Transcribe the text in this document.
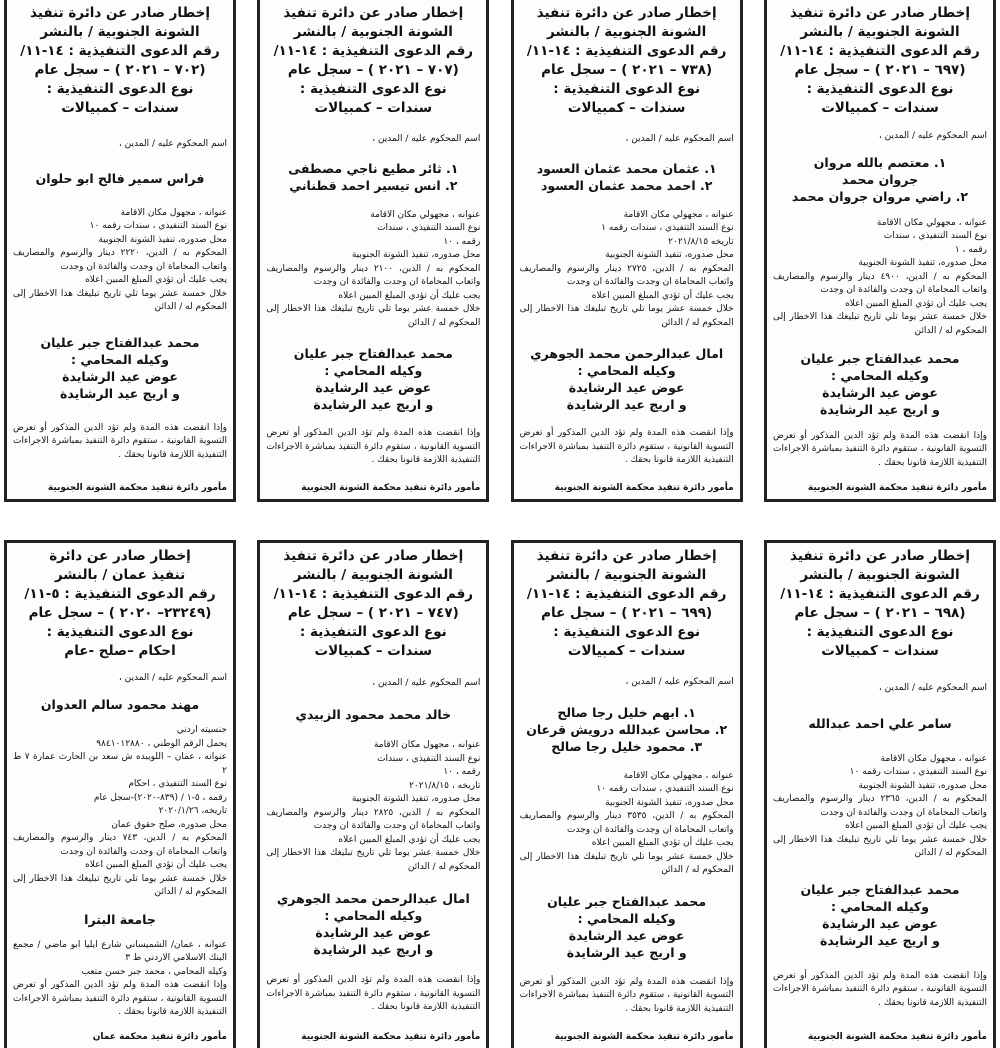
إخطار صادر عن دائرة تنفيذ
الشونة الجنوبية / بالنشر
رقم الدعوى التنفيذية : ١٤-١١/
(٦٩٧ – ٢٠٢١ ) – سجل عام
نوع الدعوى التنفيذية :
سندات – كمبيالات
اسم المحكوم عليه / المدين ،
١. معتصم بالله مروان
جروان محمد
٢. راضي مروان جروان محمد
عنوانه ، مجهولي مكان الاقامة
نوع السند التنفيذي ، سندات
رقمه ، ١
محل صدوره، تنفيذ الشونة الجنوبية
المحكوم به / الدين، ٤٩٠٠ دينار والرسوم والمصاريف واتعاب المحاماة ان وجدت والفائدة ان وجدت
يجب عليك أن تؤدي المبلغ المبين اعلاه
خلال خمسة عشر يوما تلي تاريخ تبليغك هذا الاخطار إلى المحكوم له / الدائن
محمد عبدالفتاح جبر عليان
وكيله المحامي :
عوض عيد الرشايدة
و اريج عيد الرشايدة
وإذا انقضت هذه المدة ولم تؤد الدين المذكور أو تعرض التسوية القانونية ، ستقوم دائرة التنفيذ بمباشرة الاجراءات التنفيذية اللازمة قانونا بحقك .
مأمور دائرة تنفيذ محكمة الشونة الجنوبية
إخطار صادر عن دائرة تنفيذ
الشونة الجنوبية / بالنشر
رقم الدعوى التنفيذية : ١٤-١١/
(٧٣٨ – ٢٠٢١ ) – سجل عام
نوع الدعوى التنفيذية :
سندات – كمبيالات
اسم المحكوم عليه / المدين ،
١. عثمان محمد عثمان العسود
٢. احمد محمد عثمان العسود
عنوانه ، مجهولي مكان الاقامة
نوع السند التنفيذي ، سندات رقمه ١
تاريخه ٢٠٢١/٨/١٥
محل صدوره، تنفيذ الشونة الجنوبية
المحكوم به / الدين، ٢٧٢٥ دينار والرسوم والمصاريف واتعاب المحاماة ان وجدت والفائدة ان وجدت
يجب عليك أن تؤدي المبلغ المبين اعلاه
خلال خمسة عشر يوما تلي تاريخ تبليغك هذا الاخطار إلى المحكوم له / الدائن
امال عبدالرحمن محمد الجوهري
وكيله المحامي :
عوض عيد الرشايدة
و اريج عيد الرشايدة
وإذا انقضت هذه المدة ولم تؤد الدين المذكور أو تعرض التسوية القانونية ، ستقوم دائرة التنفيذ بمباشرة الاجراءات التنفيذية اللازمة قانونا بحقك .
مأمور دائرة تنفيذ محكمة الشونة الجنوبية
إخطار صادر عن دائرة تنفيذ
الشونة الجنوبية / بالنشر
رقم الدعوى التنفيذية : ١٤-١١/
(٧٠٧ – ٢٠٢١ ) – سجل عام
نوع الدعوى التنفيذية :
سندات – كمبيالات
اسم المحكوم عليه / المدين ،
١. ثائر مطيع ناجي مصطفى
٢. انس تيسير احمد قطناني
عنوانه ، مجهولي مكان الاقامة
نوع السند التنفيذي ، سندات
رقمه ، ١٠
محل صدوره، تنفيذ الشونة الجنوبية
المحكوم به / الدين، ٢١٠٠ دينار والرسوم والمصاريف واتعاب المحاماة ان وجدت والفائدة ان وجدت
يجب عليك أن تؤدي المبلغ المبين اعلاه
خلال خمسة عشر يوما تلي تاريخ تبليغك هذا الاخطار إلى المحكوم له / الدائن
محمد عبدالفتاح جبر عليان
وكيله المحامي :
عوض عيد الرشايدة
و اريج عيد الرشايدة
وإذا انقضت هذه المدة ولم تؤد الدين المذكور أو تعرض التسوية القانونية ، ستقوم دائرة التنفيذ بمباشرة الاجراءات التنفيذية اللازمة قانونا بحقك .
مأمور دائرة تنفيذ محكمة الشونة الجنوبية
إخطار صادر عن دائرة تنفيذ
الشونة الجنوبية / بالنشر
رقم الدعوى التنفيذية : ١٤-١١/
(٧٠٢ – ٢٠٢١ ) – سجل عام
نوع الدعوى التنفيذية :
سندات – كمبيالات
اسم المحكوم عليه / المدين ،
فراس سمير فالح ابو حلوان
عنوانه ، مجهول مكان الاقامة
نوع السند التنفيذي ، سندات رقمه ١٠
محل صدوره، تنفيذ الشونة الجنوبية
المحكوم به / الدين، ٢٢٢٠ دينار والرسوم والمصاريف واتعاب المحاماة ان وجدت والفائدة ان وجدت
يجب عليك أن تؤدي المبلغ المبين اعلاه
خلال خمسة عشر يوما تلي تاريخ تبليغك هذا الاخطار إلى المحكوم له / الدائن
محمد عبدالفتاح جبر عليان
وكيله المحامي :
عوض عيد الرشايدة
و اريج عيد الرشايدة
وإذا انقضت هذه المدة ولم تؤد الدين المذكور أو تعرض التسوية القانونية ، ستقوم دائرة التنفيذ بمباشرة الاجراءات التنفيذية اللازمة قانونا بحقك .
مأمور دائرة تنفيذ محكمة الشونة الجنوبية
إخطار صادر عن دائرة تنفيذ
الشونة الجنوبية / بالنشر
رقم الدعوى التنفيذية : ١٤-١١/
(٦٩٨ – ٢٠٢١ ) – سجل عام
نوع الدعوى التنفيذية :
سندات – كمبيالات
اسم المحكوم عليه / المدين ،
سامر علي احمد عبدالله
عنوانه ، مجهول مكان الاقامة
نوع السند التنفيذي ، سندات رقمه ١٠
محل صدوره، تنفيذ الشونة الجنوبية
المحكوم به / الدين، ٢٣٦٥ دينار والرسوم والمصاريف واتعاب المحاماة ان وجدت والفائدة ان وجدت
يجب عليك أن تؤدي المبلغ المبين اعلاه
خلال خمسة عشر يوما تلي تاريخ تبليغك هذا الاخطار إلى المحكوم له / الدائن
محمد عبدالفتاح جبر عليان
وكيله المحامي :
عوض عيد الرشايدة
و اريج عيد الرشايدة
وإذا انقضت هذه المدة ولم تؤد الدين المذكور أو تعرض التسوية القانونية ، ستقوم دائرة التنفيذ بمباشرة الاجراءات التنفيذية اللازمة قانونا بحقك .
مأمور دائرة تنفيذ محكمة الشونة الجنوبية
إخطار صادر عن دائرة تنفيذ
الشونة الجنوبية / بالنشر
رقم الدعوى التنفيذية : ١٤-١١/
(٦٩٩ – ٢٠٢١ ) – سجل عام
نوع الدعوى التنفيذية :
سندات – كمبيالات
اسم المحكوم عليه / المدين ،
١. ابهم خليل رجا صالح
٢. محاسن عبدالله درويش قرعان
٣. محمود خليل رجا صالح
عنوانه ، مجهولي مكان الاقامة
نوع السند التنفيذي ، سندات رقمه ١٠
محل صدوره، تنفيذ الشونة الجنوبية
المحكوم به / الدين، ٣٥٣٥ دينار والرسوم والمصاريف واتعاب المحاماة ان وجدت والفائدة ان وجدت
يجب عليك أن تؤدي المبلغ المبين اعلاه
خلال خمسة عشر يوما تلي تاريخ تبليغك هذا الاخطار إلى المحكوم له / الدائن
محمد عبدالفتاح جبر عليان
وكيله المحامي :
عوض عيد الرشايدة
و اريج عيد الرشايدة
وإذا انقضت هذه المدة ولم تؤد الدين المذكور أو تعرض التسوية القانونية ، ستقوم دائرة التنفيذ بمباشرة الاجراءات التنفيذية اللازمة قانونا بحقك .
مأمور دائرة تنفيذ محكمة الشونة الجنوبية
إخطار صادر عن دائرة تنفيذ
الشونة الجنوبية / بالنشر
رقم الدعوى التنفيذية : ١٤-١١/
(٧٤٧ – ٢٠٢١ ) – سجل عام
نوع الدعوى التنفيذية :
سندات – كمبيالات
اسم المحكوم عليه / المدين ،
خالد محمد محمود الزبيدي
عنوانه ، مجهول مكان الاقامة
نوع السند التنفيذي ، سندات
رقمه ، ١٠
تاريخه ، ٢٠٢١/٨/١٥
محل صدوره، تنفيذ الشونة الجنوبية
المحكوم به / الدين، ٢٨٢٥ دينار والرسوم والمصاريف واتعاب المحاماة ان وجدت والفائدة ان وجدت
يجب عليك أن تؤدي المبلغ المبين اعلاه
خلال خمسة عشر يوما تلي تاريخ تبليغك هذا الاخطار إلى المحكوم له / الدائن
امال عبدالرحمن محمد الجوهري
وكيله المحامي :
عوض عيد الرشايدة
و اريج عيد الرشايدة
وإذا انقضت هذه المدة ولم تؤد الدين المذكور أو تعرض التسوية القانونية ، ستقوم دائرة التنفيذ بمباشرة الاجراءات التنفيذية اللازمة قانونا بحقك .
مأمور دائرة تنفيذ محكمة الشونة الجنوبية
إخطار صادر عن دائرة
تنفيذ عمان / بالنشر
رقم الدعوى التنفيذية : ٥-١١/
(٢٣٢٤٩– ٢٠٢٠ ) – سجل عام
نوع الدعوى التنفيذية :
احكام –صلح -عام
اسم المحكوم عليه / المدين ،
مهند محمود سالم العدوان
جنسيته اردني
يحمل الرقم الوطني ، ٩٨٤١٠١٢٨٨٠
عنوانه ، عمان – اللويبده ش سعد بن الحارث عمارة ٧ ط ٢
نوع السند التنفيذي ، احكام
رقمه ، ٥-١ / (٨٣٩-٢٠٢٠)-سجل عام
تاريخه، ٢٠٢٠/١/٢٦
محل صدوره، صلح حقوق عمان
المحكوم به / الدين، ٧٤٣ دينار والرسوم والمصاريف واتعاب المحاماة ان وجدت والفائدة ان وجدت
يجب عليك أن تؤدي المبلغ المبين اعلاه
خلال خمسة عشر يوما تلي تاريخ تبليغك هذا الاخطار إلى المحكوم له / الدائن
جامعة البترا
عنوانه ، عمان/ الشميساني شارع ايليا ابو ماضي / مجمع البنك الاسلامي الاردني ط ٣
وكيله المحامي ، محمد جبر حسن متعب
وإذا انقضت هذه المدة ولم تؤد الدين المذكور أو تعرض التسوية القانونية ، ستقوم دائرة التنفيذ بمباشرة الاجراءات التنفيذية اللازمة قانونا بحقك .
مأمور دائرة تنفيذ محكمة عمان
